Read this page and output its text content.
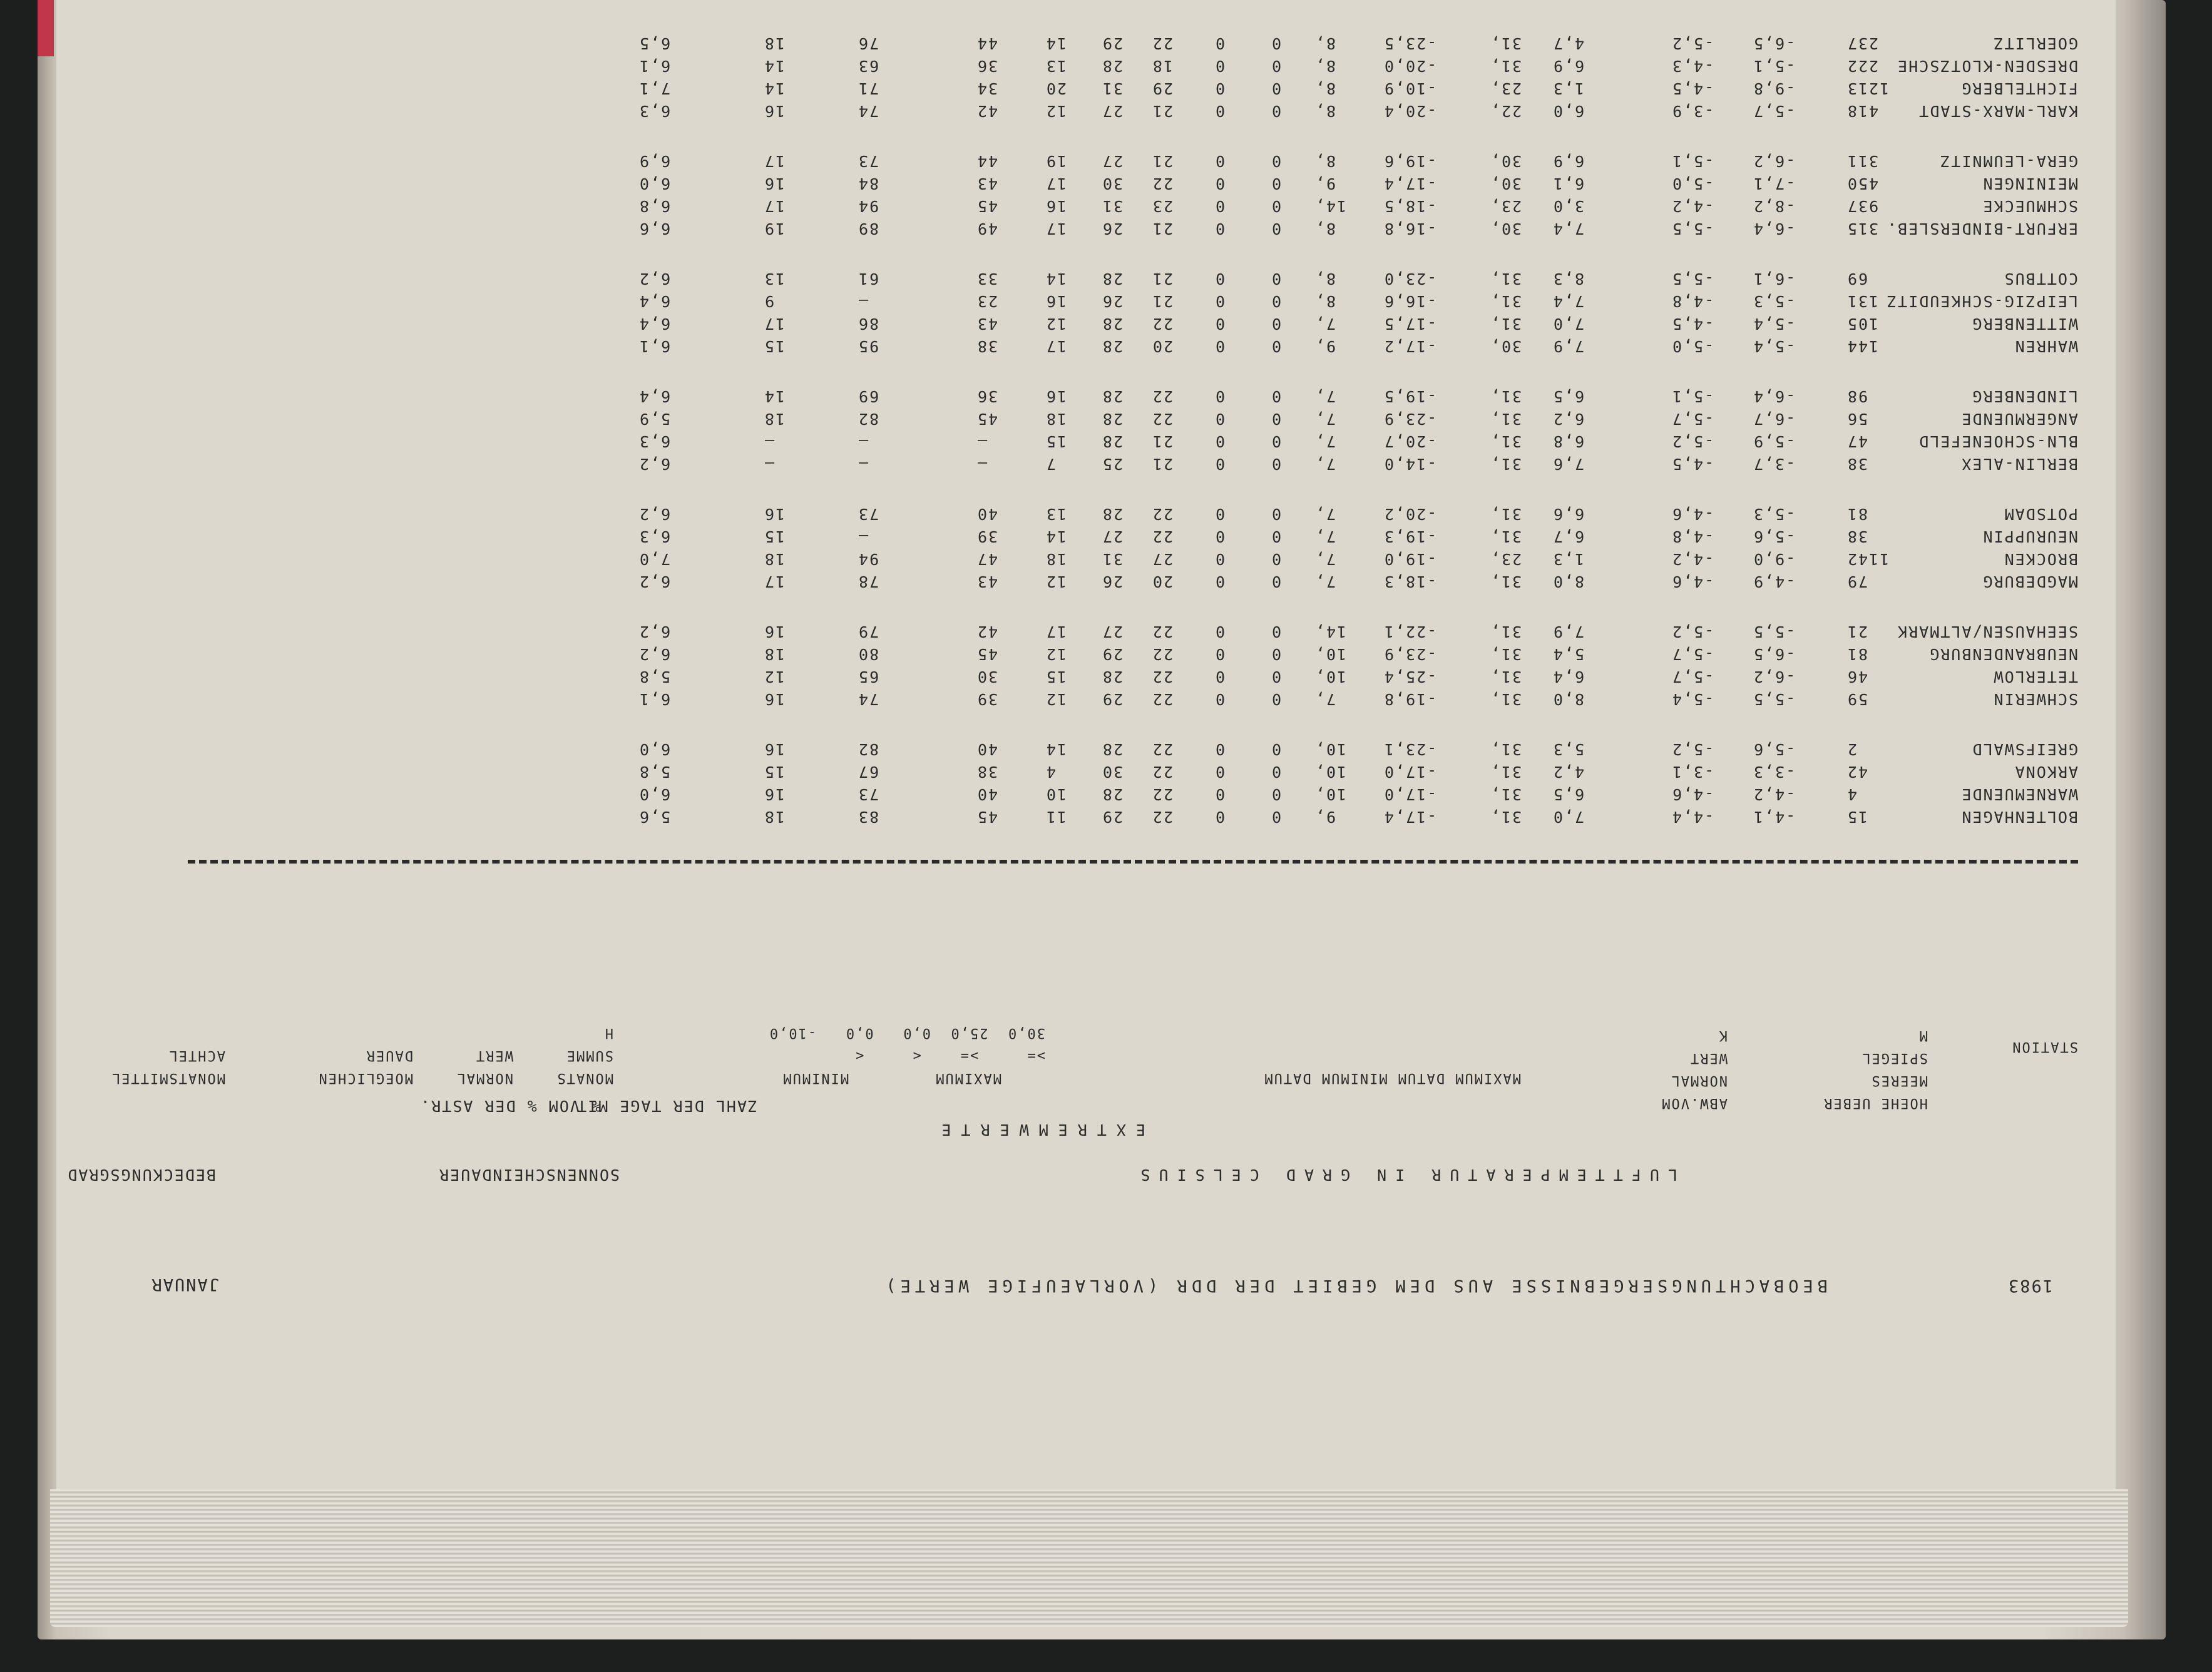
1983
BEOBACHTUNGSERGEBNISSE AUS DEM GEBIET DER DDR (VORLAEUFIGE WERTE)
JANUAR
LUFTTEMPERATUR IN GRAD CELSIUS
SONNENSCHEINDAUER
BEDECKUNGSGRAD
EXTREMWERTE
ZAHL DER TAGE MIT
% VOM % DER ASTR.
STATION
HOEHE UEBER
MEERES
SPIEGEL
M
ABW.VOM
NORMAL
WERT
K
MAXIMUM DATUM MINIMUM DATUM
MAXIMUM         MINIMUM
>=     >=    <     <
30,0  25,0  0,0   0,0   -10,0
MONATS
SUMME
H
NORMAL
WERT
MOEGLICHEN
DAUER
MONATSMITTEL
ACHTEL
BOLTENHAGEN
15
-4,1
-4,4
7,0
31,
-17,4
9,
0
0
22
29
11
45
83
18
5,6
WARNEMUENDE
4
-4,2
-4,6
6,5
31,
-17,0
10,
0
0
22
28
10
40
73
16
6,0
ARKONA
42
-3,3
-3,1
4,2
31,
-17,0
10,
0
0
22
30
4
38
67
15
5,8
GREIFSWALD
2
-5,6
-5,2
5,3
31,
-23,1
10,
0
0
22
28
14
40
82
16
6,0
SCHWERIN
59
-5,5
-5,4
8,0
31,
-19,8
7,
0
0
22
29
12
39
74
16
6,1
TETERLOW
46
-6,2
-5,7
6,4
31,
-25,4
10,
0
0
22
28
15
30
65
12
5,8
NEUBRANDENBURG
81
-6,5
-5,7
5,4
31,
-23,9
10,
0
0
22
29
12
45
80
18
6,2
SEEHAUSEN/ALTMARK
21
-5,5
-5,2
7,9
31,
-22,1
14,
0
0
22
27
17
42
79
16
6,2
MAGDEBURG
79
-4,9
-4,6
8,0
31,
-18,3
7,
0
0
20
26
12
43
78
17
6,2
BROCKEN
1142
-9,0
-4,2
1,3
23,
-19,0
7,
0
0
27
31
18
47
94
18
7,0
NEURUPPIN
38
-5,6
-4,8
6,7
31,
-19,3
7,
0
0
22
27
14
39
—
15
6,3
POTSDAM
81
-5,3
-4,6
6,6
31,
-20,2
7,
0
0
22
28
13
40
73
16
6,2
BERLIN-ALEX
38
-3,7
-4,5
7,6
31,
-14,0
7,
0
0
21
25
7
—
—
—
6,2
BLN-SCHOENEFELD
47
-5,9
-5,2
6,8
31,
-20,7
7,
0
0
21
28
15
—
—
—
6,3
ANGERMUENDE
56
-6,7
-5,7
6,2
31,
-23,9
7,
0
0
22
28
18
45
82
18
5,9
LINDENBERG
98
-6,4
-5,1
6,5
31,
-19,5
7,
0
0
22
28
16
36
69
14
6,4
WAHREN
144
-5,4
-5,0
7,9
30,
-17,2
9,
0
0
20
28
17
38
95
15
6,1
WITTENBERG
105
-5,4
-4,5
7,0
31,
-17,5
7,
0
0
22
28
12
43
86
17
6,4
LEIPZIG-SCHKEUDITZ
131
-5,3
-4,8
7,4
31,
-16,6
8,
0
0
21
26
16
23
—
9
6,4
COTTBUS
69
-6,1
-5,5
8,3
31,
-23,0
8,
0
0
21
28
14
33
61
13
6,2
ERFURT-BINDERSLEB.
315
-6,4
-5,5
7,4
30,
-16,8
8,
0
0
21
26
17
49
89
19
6,6
SCHMUECKE
937
-8,2
-4,2
3,0
23,
-18,5
14,
0
0
23
31
16
45
94
17
6,8
MEININGEN
450
-7,1
-5,0
6,1
30,
-17,4
9,
0
0
22
30
17
43
84
16
6,0
GERA-LEUMNITZ
311
-6,2
-5,1
6,9
30,
-19,6
8,
0
0
21
27
19
44
73
17
6,9
KARL-MARX-STADT
418
-5,7
-3,9
6,0
22,
-20,4
8,
0
0
21
27
12
42
74
16
6,3
FICHTELBERG
1213
-9,8
-4,5
1,3
23,
-10,9
8,
0
0
29
31
20
34
71
14
7,1
DRESDEN-KLOTZSCHE
222
-5,1
-4,3
6,9
31,
-20,0
8,
0
0
18
28
13
36
63
14
6,1
GOERLITZ
237
-6,5
-5,2
4,7
31,
-23,5
8,
0
0
22
29
14
44
76
18
6,5
